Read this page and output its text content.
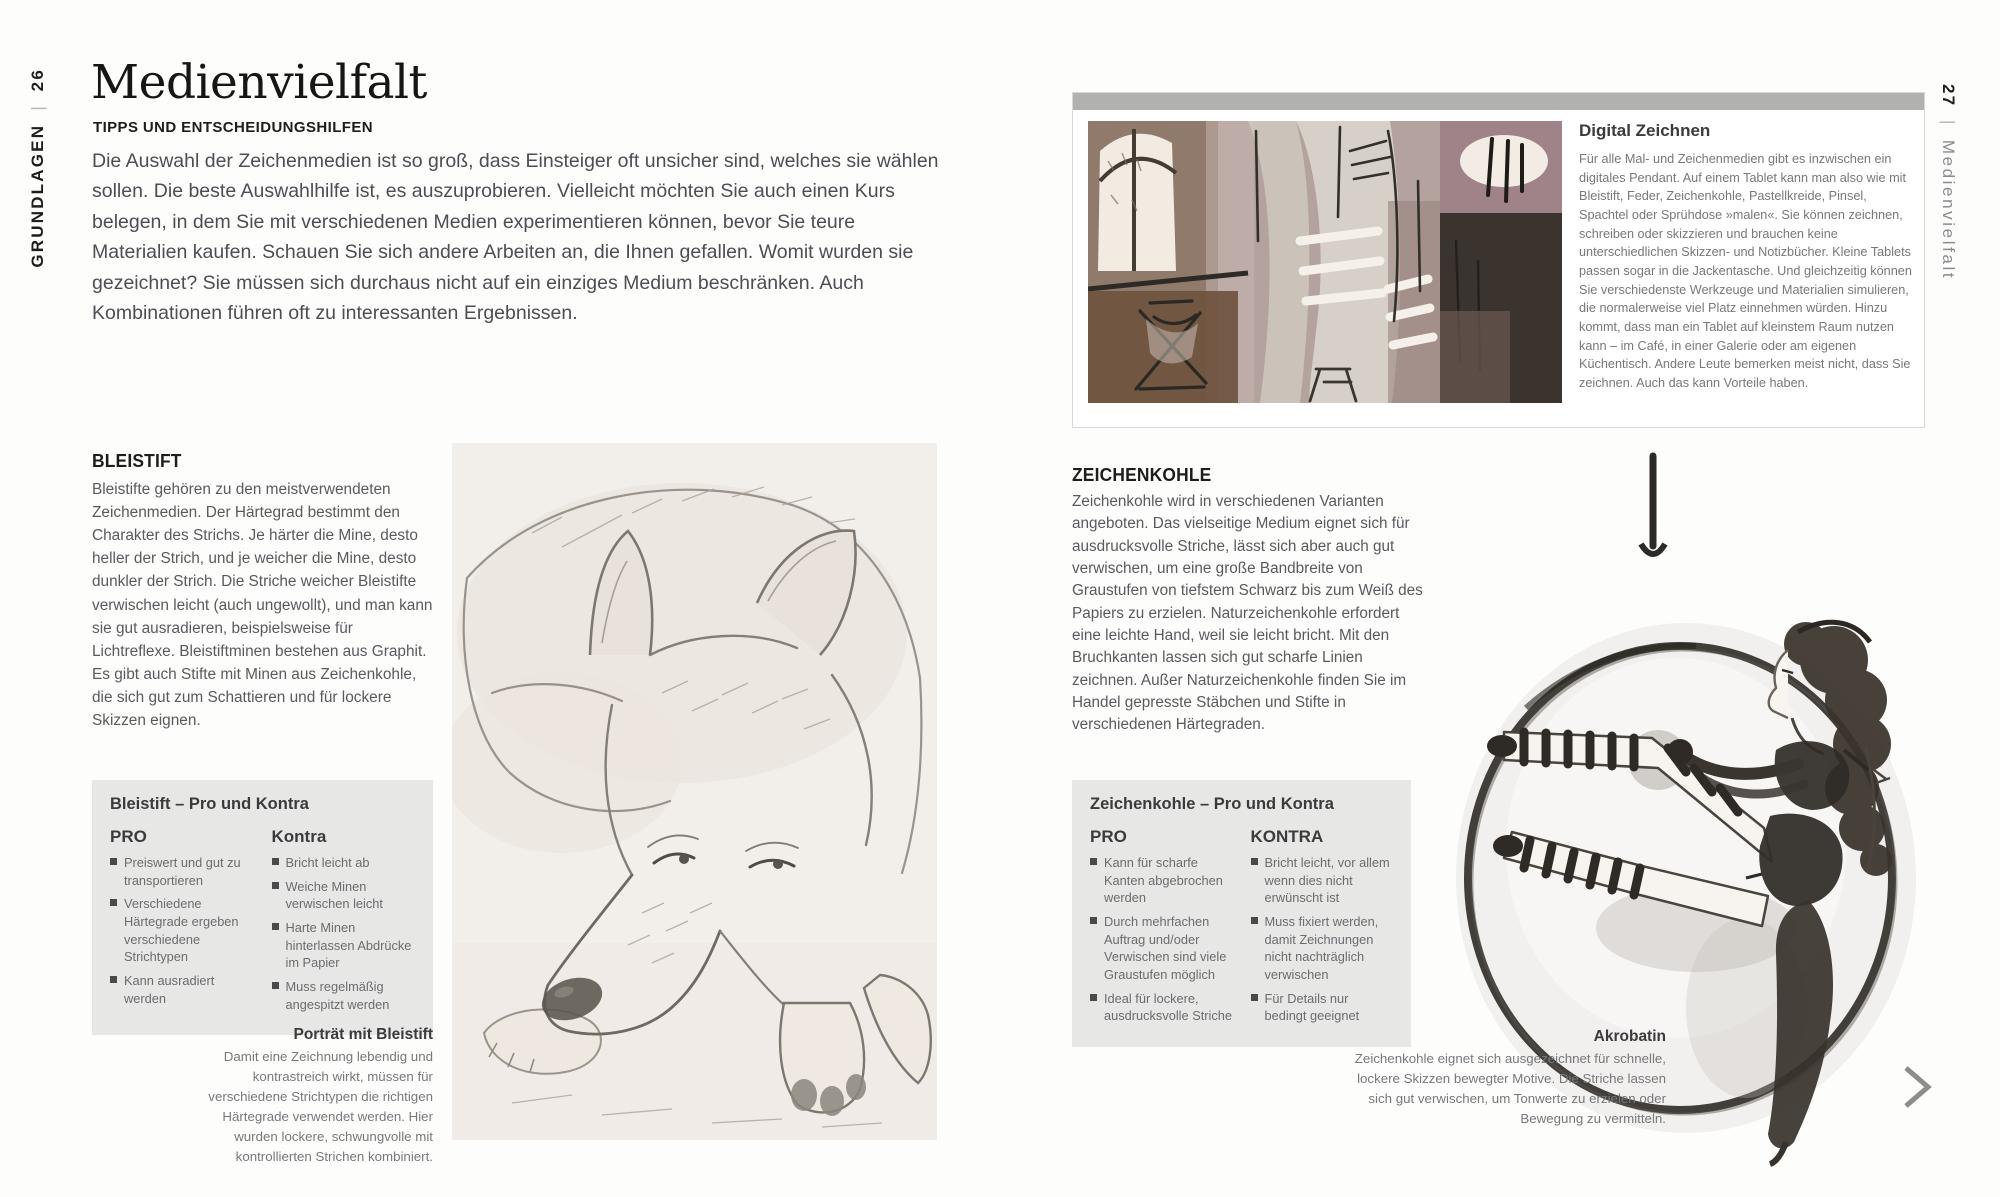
GRUNDLAGEN | 26 Medienvielfalt
TIPPS UND ENTSCHEIDUNGSHILFEN

Die Auswahl der Zeichenmedien ist so groß, dass Einsteiger oft unsicher sind, welches sie wählen sollen. Die beste Auswahlhilfe ist, es auszuprobieren. Vielleicht möchten Sie auch einen Kurs belegen, in dem Sie mit verschiedenen Medien experimentieren können, bevor Sie teure Materialien kaufen. Schauen Sie sich andere Arbeiten an, die Ihnen gefallen. Womit wurden sie gezeichnet? Sie müssen sich durchaus nicht auf ein einziges Medium beschränken. Auch Kombinationen führen oft zu interessanten Ergebnissen.

BLEISTIFT

Bleistifte gehören zu den meistverwendeten Zeichenmedien. Der Härtegrad bestimmt den Charakter des Strichs. Je härter die Mine, desto heller der Strich, und je weicher die Mine, desto dunkler der Strich. Die Striche weicher Bleistifte verwischen leicht (auch ungewollt), und man kann sie gut ausradieren, beispielsweise für Lichtreflexe. Bleistiftminen bestehen aus Graphit. Es gibt auch Stifte mit Minen aus Zeichenkohle, die sich gut zum Schattieren und für lockere Skizzen eignen.

Bleistift – Pro und Kontra
PRO
Preiswert und gut zu transportieren
Verschiedene Härtegrade ergeben verschiedene Strichtypen
Kann ausradiert werden
Kontra
Bricht leicht ab
Weiche Minen verwischen leicht
Harte Minen hinterlassen Abdrücke im Papier
Muss regelmäßig angespitzt werden
Porträt mit Bleistift
Damit eine Zeichnung lebendig und kontrastreich wirkt, müssen für verschiedene Strichtypen die richtigen Härtegrade verwendet werden. Hier wurden lockere, schwungvolle mit kontrollierten Strichen kombiniert.
Digital Zeichnen

Für alle Mal- und Zeichenmedien gibt es inzwischen ein digitales Pendant. Auf einem Tablet kann man also wie mit Bleistift, Feder, Zeichenkohle, Pastellkreide, Pinsel, Spachtel oder Sprühdose »malen«. Sie können zeichnen, schreiben oder skizzieren und brauchen keine unterschiedlichen Skizzen- und Notizbücher. Kleine Tablets passen sogar in die Jackentasche. Und gleichzeitig können Sie verschiedenste Werkzeuge und Materialien simulieren, die normalerweise viel Platz einnehmen würden. Hinzu kommt, dass man ein Tablet auf kleinstem Raum nutzen kann – im Café, in einer Galerie oder am eigenen Küchentisch. Andere Leute bemerken meist nicht, dass Sie zeichnen. Auch das kann Vorteile haben.

ZEICHENKOHLE

Zeichenkohle wird in verschiedenen Varianten angeboten. Das vielseitige Medium eignet sich für ausdrucksvolle Striche, lässt sich aber auch gut verwischen, um eine große Bandbreite von Graustufen von tiefstem Schwarz bis zum Weiß des Papiers zu erzielen. Naturzeichenkohle erfordert eine leichte Hand, weil sie leicht bricht. Mit den Bruchkanten lassen sich gut scharfe Linien zeichnen. Außer Naturzeichenkohle finden Sie im Handel gepresste Stäbchen und Stifte in verschiedenen Härtegraden.

Zeichenkohle – Pro und Kontra
PRO
Kann für scharfe Kanten abgebrochen werden
Durch mehrfachen Auftrag und/oder Verwischen sind viele Graustufen möglich
Ideal für lockere, ausdrucksvolle Striche
KONTRA
Bricht leicht, vor allem wenn dies nicht erwünscht ist
Muss fixiert werden, damit Zeichnungen nicht nachträglich verwischen
Für Details nur bedingt geeignet
Akrobatin
Zeichenkohle eignet sich ausgezeichnet für schnelle, lockere Skizzen bewegter Motive. Die Striche lassen sich gut verwischen, um Tonwerte zu erzielen oder Bewegung zu vermitteln.
27 | Medienvielfalt
